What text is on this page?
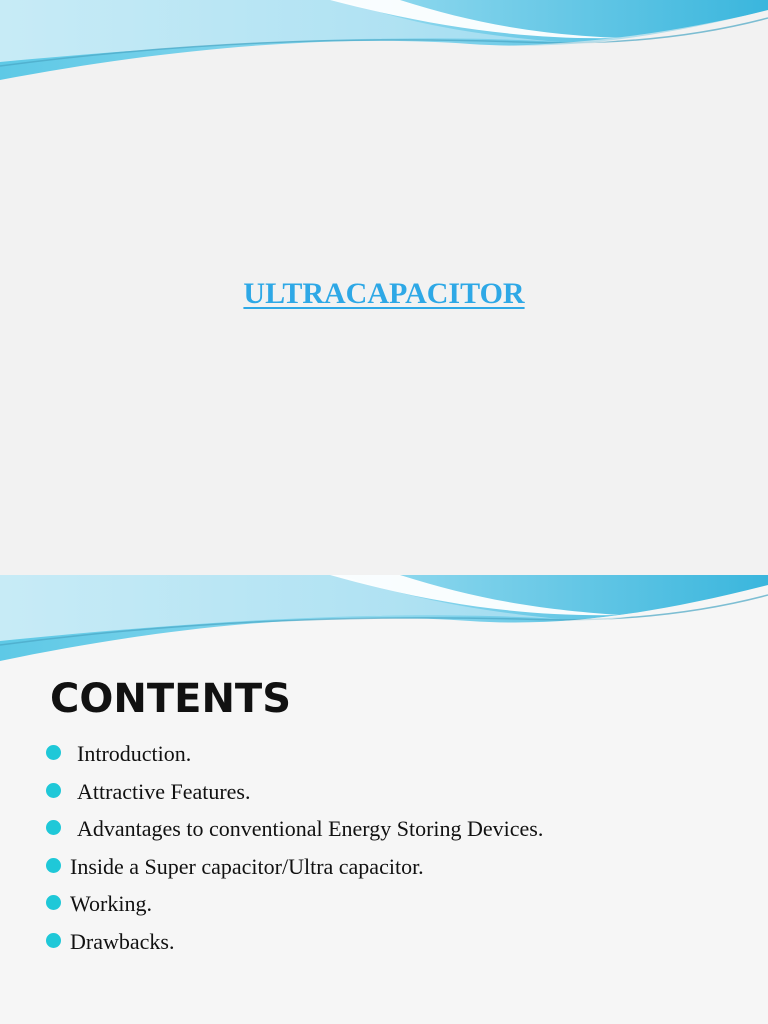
ULTRACAPACITOR
CONTENTS
Introduction.
Attractive Features.
Advantages to conventional Energy Storing Devices.
Inside a Super capacitor/Ultra capacitor.
Working.
Drawbacks.
